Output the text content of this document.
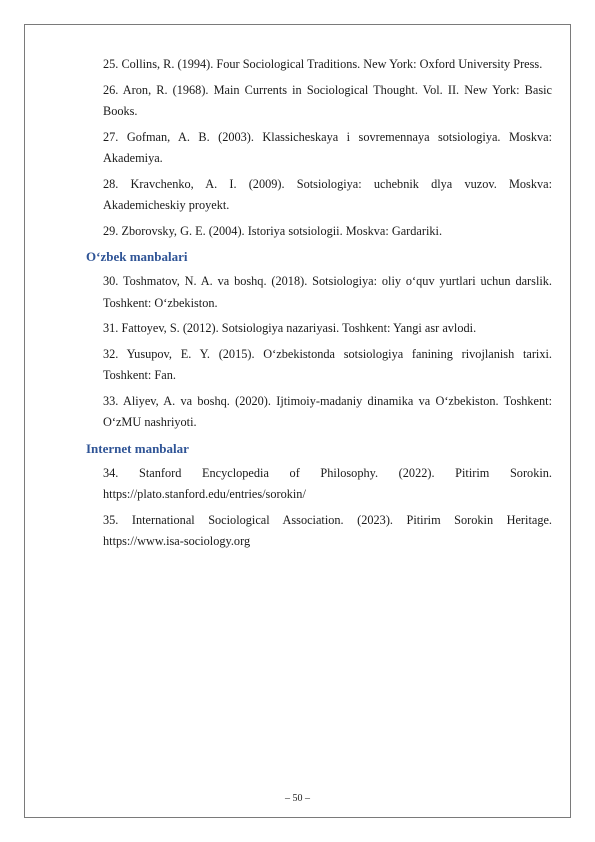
25. Collins, R. (1994). Four Sociological Traditions. New York: Oxford University Press.

26. Aron, R. (1968). Main Currents in Sociological Thought. Vol. II. New York: Basic Books.

27. Gofman, A. B. (2003). Klassicheskaya i sovremennaya sotsiologiya. Moskva: Akademiya.

28. Kravchenko, A. I. (2009). Sotsiologiya: uchebnik dlya vuzov. Moskva: Akademicheskiy proyekt.

29. Zborovsky, G. E. (2004). Istoriya sotsiologii. Moskva: Gardariki.

O‘zbek manbalari

30. Toshmatov, N. A. va boshq. (2018). Sotsiologiya: oliy o‘quv yurtlari uchun darslik. Toshkent: O‘zbekiston.

31. Fattoyev, S. (2012). Sotsiologiya nazariyasi. Toshkent: Yangi asr avlodi.

32. Yusupov, E. Y. (2015). O‘zbekistonda sotsiologiya fanining rivojlanish tarixi. Toshkent: Fan.

33. Aliyev, A. va boshq. (2020). Ijtimoiy-madaniy dinamika va O‘zbekiston. Toshkent: O‘zMU nashriyoti.

Internet manbalar

34. Stanford Encyclopedia of Philosophy. (2022). Pitirim Sorokin. https://plato.stanford.edu/entries/sorokin/

35. International Sociological Association. (2023). Pitirim Sorokin Heritage. https://www.isa-sociology.org

– 50 –
